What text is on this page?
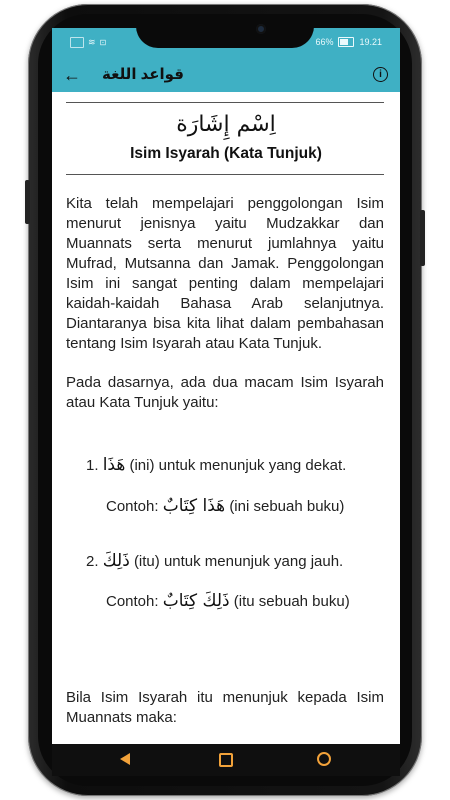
≋ ⊡	66%	19.21
← قواعد اللغة	i
اِسْم إِشَارَة
Isim Isyarah (Kata Tunjuk)
Kita telah mempelajari penggolongan Isim menurut jenisnya yaitu Mudzakkar dan Muannats serta menurut jumlahnya yaitu Mufrad, Mutsanna dan Jamak. Penggolongan Isim ini sangat penting dalam mempelajari kaidah-kaidah Bahasa Arab selanjutnya. Diantaranya bisa kita lihat dalam pembahasan tentang Isim Isyarah atau Kata Tunjuk.
Pada dasarnya, ada dua macam Isim Isyarah atau Kata Tunjuk yaitu:
1. هَذَا (ini) untuk menunjuk yang dekat.
Contoh: هَذَا كِتَابٌ (ini sebuah buku)
2. ذَلِكَ (itu) untuk menunjuk yang jauh.
Contoh: ذَلِكَ كِتَابٌ (itu sebuah buku)
Bila Isim Isyarah itu menunjuk kepada Isim Muannats maka:
